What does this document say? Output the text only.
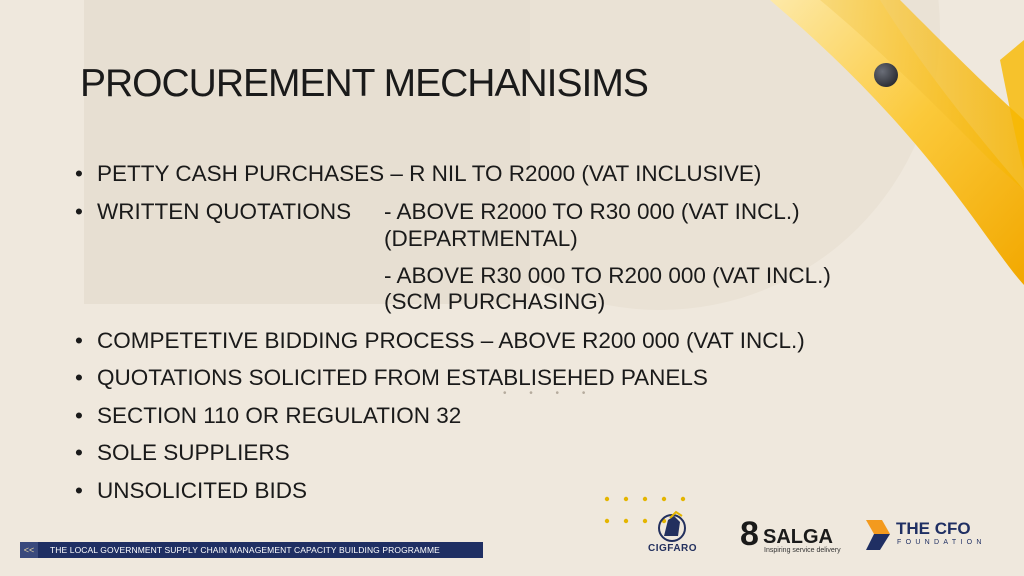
PROCUREMENT MECHANISIMS
• PETTY CASH PURCHASES – R NIL TO R2000 (VAT INCLUSIVE)
• WRITTEN QUOTATIONS - ABOVE R2000 TO R30 000 (VAT INCL.)
(DEPARTMENTAL)
- ABOVE R30 000 TO R200 000 (VAT INCL.)
(SCM PURCHASING)
• COMPETETIVE BIDDING PROCESS – ABOVE R200 000 (VAT INCL.)
• QUOTATIONS SOLICITED FROM ESTABLISEHED PANELS
• SECTION 110 OR REGULATION 32
• SOLE SUPPLIERS
• UNSOLICITED BIDS
• • • •
<<	THE LOCAL GOVERNMENT SUPPLY CHAIN MANAGEMENT CAPACITY BUILDING PROGRAMME	CIGFARO 8 SALGA
Inspiring service delivery
THE CFO
FOUNDATION
